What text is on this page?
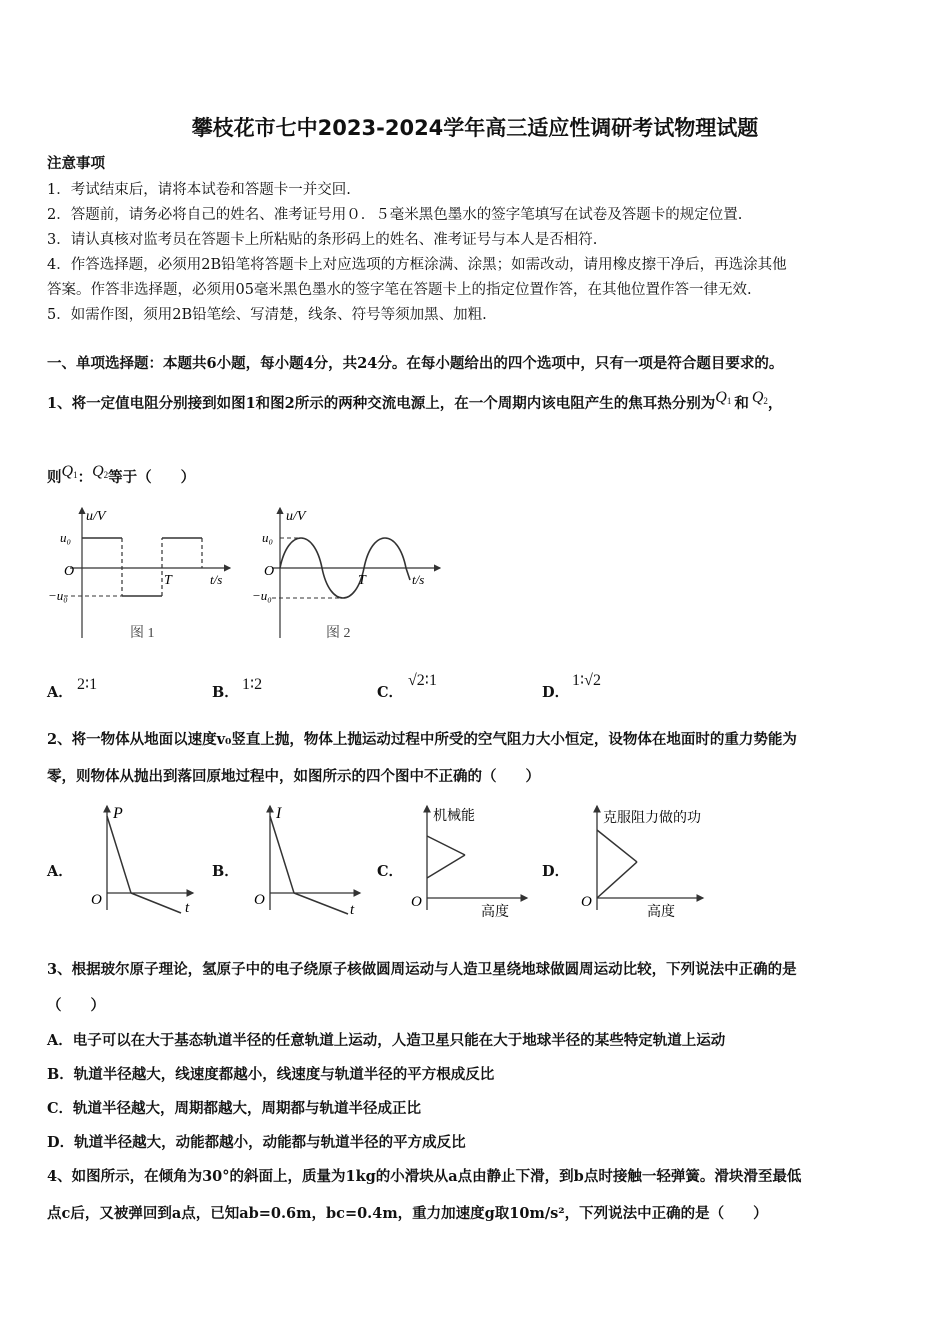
攀枝花市七中2023-2024学年高三适应性调研考试物理试题
注意事项
1．考试结束后，请将本试卷和答题卡一并交回.
2．答题前，请务必将自己的姓名、准考证号用０．５毫米黑色墨水的签字笔填写在试卷及答题卡的规定位置.
3．请认真核对监考员在答题卡上所粘贴的条形码上的姓名、准考证号与本人是否相符.
4．作答选择题，必须用2B铅笔将答题卡上对应选项的方框涂满、涂黑；如需改动，请用橡皮擦干净后，再选涂其他
答案。作答非选择题，必须用05毫米黑色墨水的签字笔在答题卡上的指定位置作答，在其他位置作答一律无效.
5．如需作图，须用2B铅笔绘、写清楚，线条、符号等须加黑、加粗.
一、单项选择题：本题共6小题，每小题4分，共24分。在每小题给出的四个选项中，只有一项是符合题目要求的。
1、将一定值电阻分别接到如图1和图2所示的两种交流电源上，在一个周期内该电阻产生的焦耳热分别为$Q_1$ 和 $Q_2$，
则$Q_1$：$Q_2$等于（　　）
u/V
u₀
O
−u₀
T	t/s
图 1
u/V
u₀
O
−u₀
T	t/s
图 2
A． 2∶1	B． 1∶2	C．
√2∶1
D．
1∶√2
2、将一物体从地面以速度v₀竖直上抛，物体上抛运动过程中所受的空气阻力大小恒定，设物体在地面时的重力势能为
零，则物体从抛出到落回原地过程中，如图所示的四个图中不正确的（　　）
A．
P
O	t
B．
I
O
t
C．
机械能
O
高度
D．
克服阻力做的功
O
高度
3、根据玻尔原子理论，氢原子中的电子绕原子核做圆周运动与人造卫星绕地球做圆周运动比较，下列说法中正确的是
（　　）
A．电子可以在大于基态轨道半径的任意轨道上运动，人造卫星只能在大于地球半径的某些特定轨道上运动
B．轨道半径越大，线速度都越小，线速度与轨道半径的平方根成反比
C．轨道半径越大，周期都越大，周期都与轨道半径成正比
D．轨道半径越大，动能都越小，动能都与轨道半径的平方成反比
4、如图所示，在倾角为30°的斜面上，质量为1kg的小滑块从a点由静止下滑，到b点时接触一轻弹簧。滑块滑至最低
点c后，又被弹回到a点，已知ab=0.6m，bc=0.4m，重力加速度g取10m/s²，下列说法中正确的是（　　）
